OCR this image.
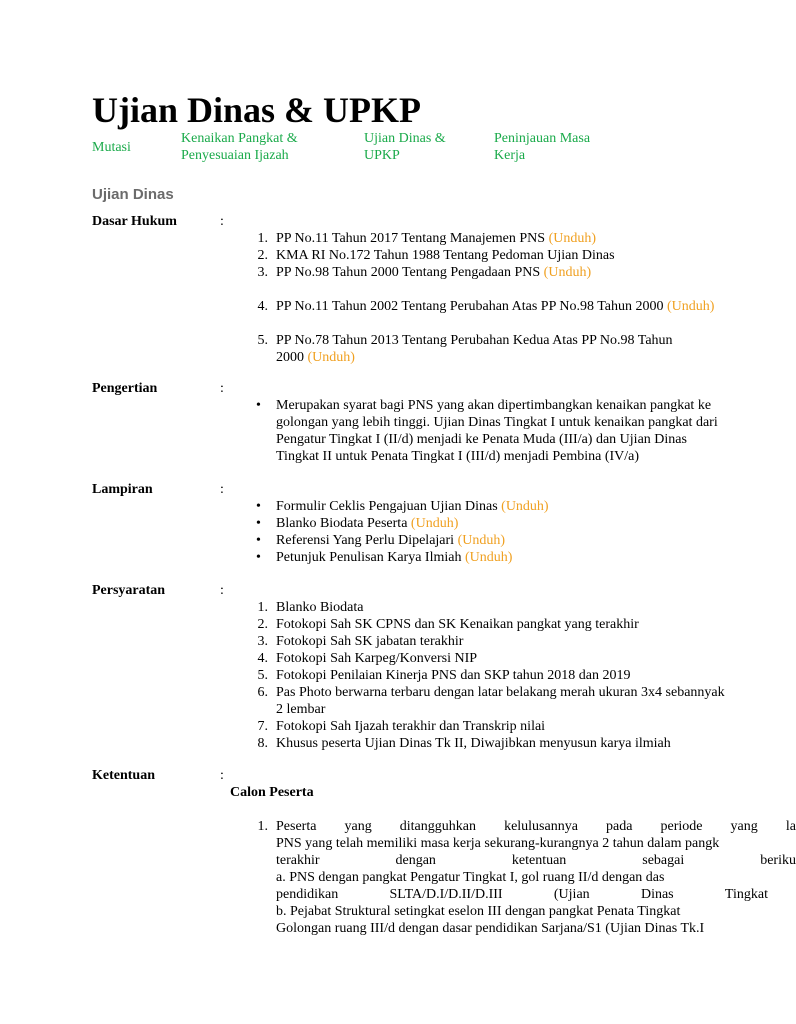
Ujian Dinas & UPKP
Mutasi
Kenaikan Pangkat &
Penyesuaian Ijazah
Ujian Dinas &
UPKP
Peninjauan Masa
Kerja
Ujian Dinas
Dasar Hukum	:
1. PP No.11 Tahun 2017 Tentang Manajemen PNS (Unduh)
2. KMA RI No.172 Tahun 1988 Tentang Pedoman Ujian Dinas
3. PP No.98 Tahun 2000 Tentang Pengadaan PNS (Unduh)
4. PP No.11 Tahun 2002 Tentang Perubahan Atas PP No.98 Tahun 2000 (Unduh)
5. PP No.78 Tahun 2013 Tentang Perubahan Kedua Atas PP No.98 Tahun
2000 (Unduh)
Pengertian	:
• Merupakan syarat bagi PNS yang akan dipertimbangkan kenaikan pangkat ke
golongan yang lebih tinggi. Ujian Dinas Tingkat I untuk kenaikan pangkat dari
Pengatur Tingkat I (II/d) menjadi ke Penata Muda (III/a) dan Ujian Dinas
Tingkat II untuk Penata Tingkat I (III/d) menjadi Pembina (IV/a)
Lampiran	:
• Formulir Ceklis Pengajuan Ujian Dinas (Unduh)
• Blanko Biodata Peserta (Unduh)
• Referensi Yang Perlu Dipelajari (Unduh)
• Petunjuk Penulisan Karya Ilmiah (Unduh)
Persyaratan	:
1. Blanko Biodata
2. Fotokopi Sah SK CPNS dan SK Kenaikan pangkat yang terakhir
3. Fotokopi Sah SK jabatan terakhir
4. Fotokopi Sah Karpeg/Konversi NIP
5. Fotokopi Penilaian Kinerja PNS dan SKP tahun 2018 dan 2019
6. Pas Photo berwarna terbaru dengan latar belakang merah ukuran 3x4 sebannyak
2 lembar
7. Fotokopi Sah Ijazah terakhir dan Transkrip nilai
8. Khusus peserta Ujian Dinas Tk II, Diwajibkan menyusun karya ilmiah
Ketentuan	:
Calon Peserta
1. Peserta yang ditangguhkan kelulusannya pada periode yang la
PNS yang telah memiliki masa kerja sekurang-kurangnya 2 tahun dalam pangk
terakhir	dengan	ketentuan	sebagai	beriku
a. PNS dengan pangkat Pengatur Tingkat I, gol ruang II/d dengan das
pendidikan	SLTA/D.I/D.II/D.III	(Ujian	Dinas	Tingkat
b. Pejabat Struktural setingkat eselon III dengan pangkat Penata Tingkat
Golongan ruang III/d dengan dasar pendidikan Sarjana/S1 (Ujian Dinas Tk.I
